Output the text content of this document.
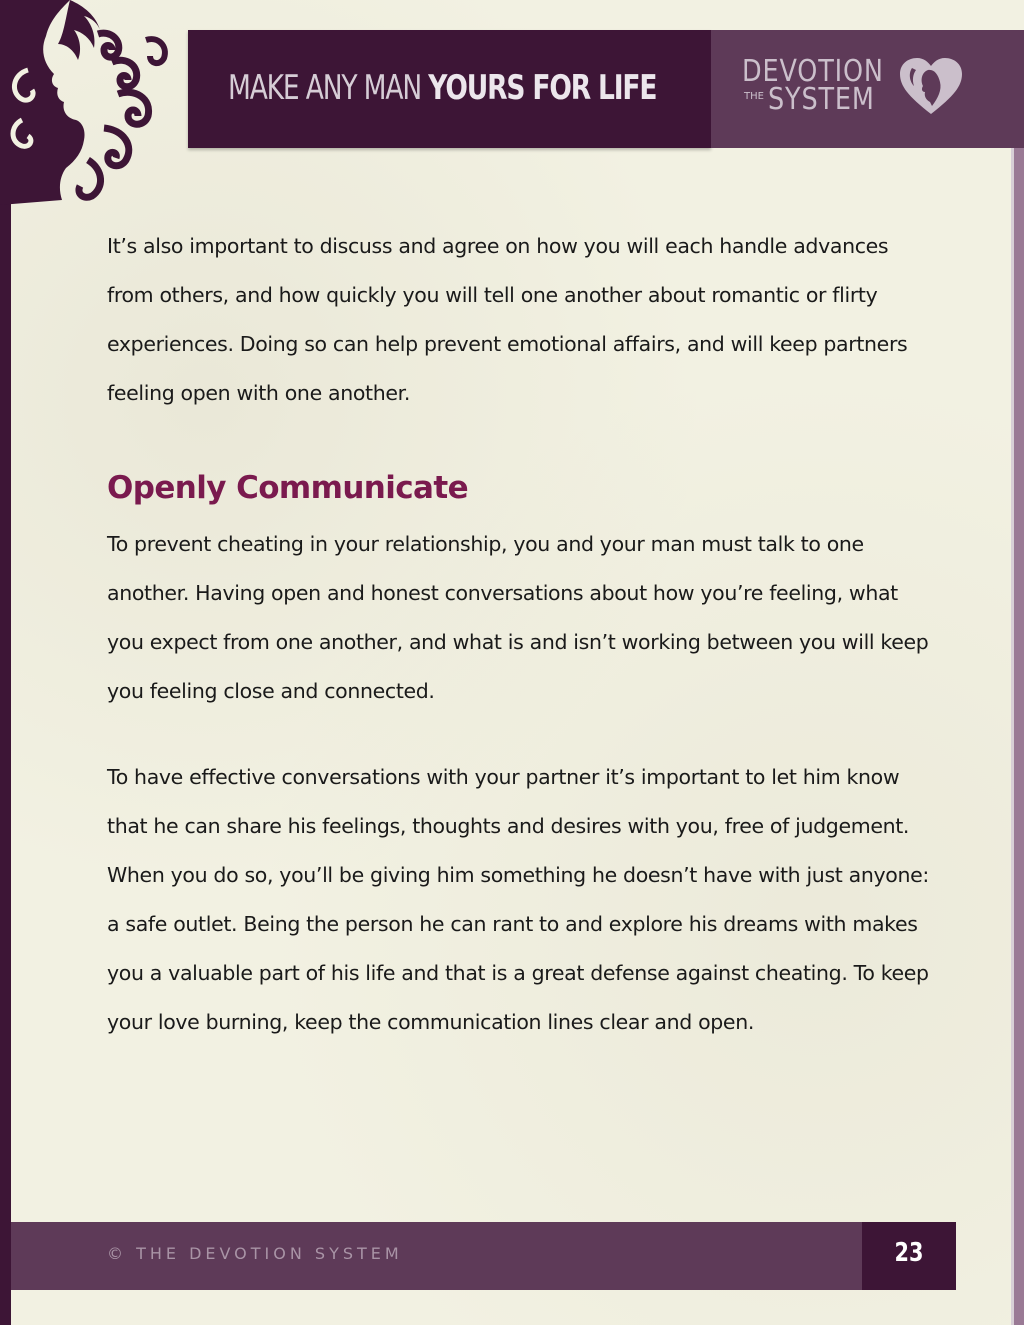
MAKE ANY MAN YOURS FOR LIFE	DEVOTION
THE SYSTEM

It’s also important to discuss and agree on how you will each handle advances from others, and how quickly you will tell one another about romantic or flirty experiences. Doing so can help prevent emotional affairs, and will keep partners feeling open with one another.

Openly Communicate

To prevent cheating in your relationship, you and your man must talk to one another. Having open and honest conversations about how you’re feeling, what you expect from one another, and what is and isn’t working between you will keep you feeling close and connected.

To have effective conversations with your partner it’s important to let him know that he can share his feelings, thoughts and desires with you, free of judgement. When you do so, you’ll be giving him something he doesn’t have with just anyone: a safe outlet. Being the person he can rant to and explore his dreams with makes you a valuable part of his life and that is a great defense against cheating. To keep your love burning, keep the communication lines clear and open.

© THE DEVOTION SYSTEM	23
